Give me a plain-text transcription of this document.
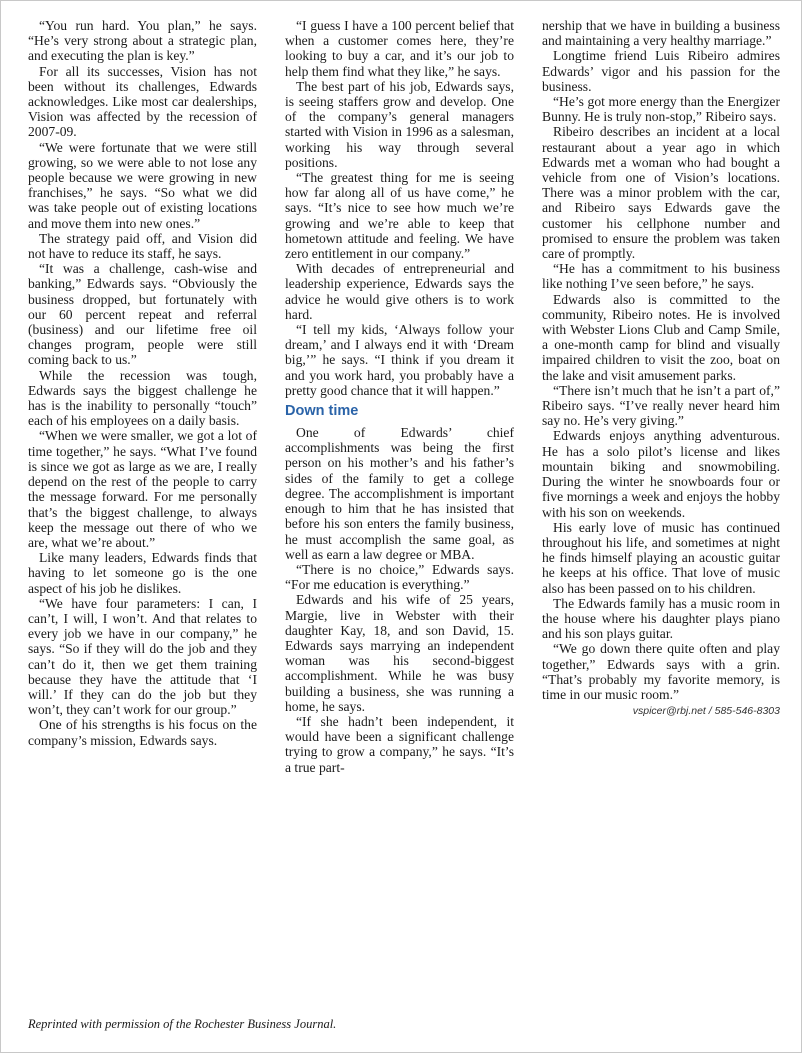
“You run hard. You plan,” he says. “He’s very strong about a strategic plan, and executing the plan is key.”

For all its successes, Vision has not been without its challenges, Edwards acknowledges. Like most car dealerships, Vision was affected by the recession of 2007-09.

“We were fortunate that we were still growing, so we were able to not lose any people because we were growing in new franchises,” he says. “So what we did was take people out of existing locations and move them into new ones.”

The strategy paid off, and Vision did not have to reduce its staff, he says.

“It was a challenge, cash-wise and banking,” Edwards says. “Obviously the business dropped, but fortunately with our 60 percent repeat and referral (business) and our lifetime free oil changes program, people were still coming back to us.”

While the recession was tough, Edwards says the biggest challenge he has is the inability to personally “touch” each of his employees on a daily basis.

“When we were smaller, we got a lot of time together,” he says. “What I’ve found is since we got as large as we are, I really depend on the rest of the people to carry the message forward. For me personally that’s the biggest challenge, to always keep the message out there of who we are, what we’re about.”

Like many leaders, Edwards finds that having to let someone go is the one aspect of his job he dislikes.

“We have four parameters: I can, I can’t, I will, I won’t. And that relates to every job we have in our company,” he says. “So if they will do the job and they can’t do it, then we get them training because they have the attitude that ‘I will.’ If they can do the job but they won’t, they can’t work for our group.”

One of his strengths is his focus on the company’s mission, Edwards says.

“I guess I have a 100 percent belief that when a customer comes here, they’re looking to buy a car, and it’s our job to help them find what they like,” he says.

The best part of his job, Edwards says, is seeing staffers grow and develop. One of the company’s general managers started with Vision in 1996 as a salesman, working his way through several positions.

“The greatest thing for me is seeing how far along all of us have come,” he says. “It’s nice to see how much we’re growing and we’re able to keep that hometown attitude and feeling. We have zero entitlement in our company.”

With decades of entrepreneurial and leadership experience, Edwards says the advice he would give others is to work hard.

“I tell my kids, ‘Always follow your dream,’ and I always end it with ‘Dream big,’” he says. “I think if you dream it and you work hard, you probably have a pretty good chance that it will happen.”

Down time

One of Edwards’ chief accomplishments was being the first person on his mother’s and his father’s sides of the family to get a college degree. The accomplishment is important enough to him that he has insisted that before his son enters the family business, he must accomplish the same goal, as well as earn a law degree or MBA.

“There is no choice,” Edwards says. “For me education is everything.”

Edwards and his wife of 25 years, Margie, live in Webster with their daughter Kay, 18, and son David, 15. Edwards says marrying an independent woman was his second-biggest accomplishment. While he was busy building a business, she was running a home, he says.

“If she hadn’t been independent, it would have been a significant challenge trying to grow a company,” he says. “It’s a true part-

nership that we have in building a business and maintaining a very healthy marriage.”

Longtime friend Luis Ribeiro admires Edwards’ vigor and his passion for the business.

“He’s got more energy than the Energizer Bunny. He is truly non-stop,” Ribeiro says.

Ribeiro describes an incident at a local restaurant about a year ago in which Edwards met a woman who had bought a vehicle from one of Vision’s locations. There was a minor problem with the car, and Ribeiro says Edwards gave the customer his cellphone number and promised to ensure the problem was taken care of promptly.

“He has a commitment to his business like nothing I’ve seen before,” he says.

Edwards also is committed to the community, Ribeiro notes. He is involved with Webster Lions Club and Camp Smile, a one-month camp for blind and visually impaired children to visit the zoo, boat on the lake and visit amusement parks.

“There isn’t much that he isn’t a part of,” Ribeiro says. “I’ve really never heard him say no. He’s very giving.”

Edwards enjoys anything adventurous. He has a solo pilot’s license and likes mountain biking and snowmobiling. During the winter he snowboards four or five mornings a week and enjoys the hobby with his son on weekends.

His early love of music has continued throughout his life, and sometimes at night he finds himself playing an acoustic guitar he keeps at his office. That love of music also has been passed on to his children.

The Edwards family has a music room in the house where his daughter plays piano and his son plays guitar.

“We go down there quite often and play together,” Edwards says with a grin. “That’s probably my favorite memory, is time in our music room.”

vspicer@rbj.net / 585-546-8303
Reprinted with permission of the Rochester Business Journal.
